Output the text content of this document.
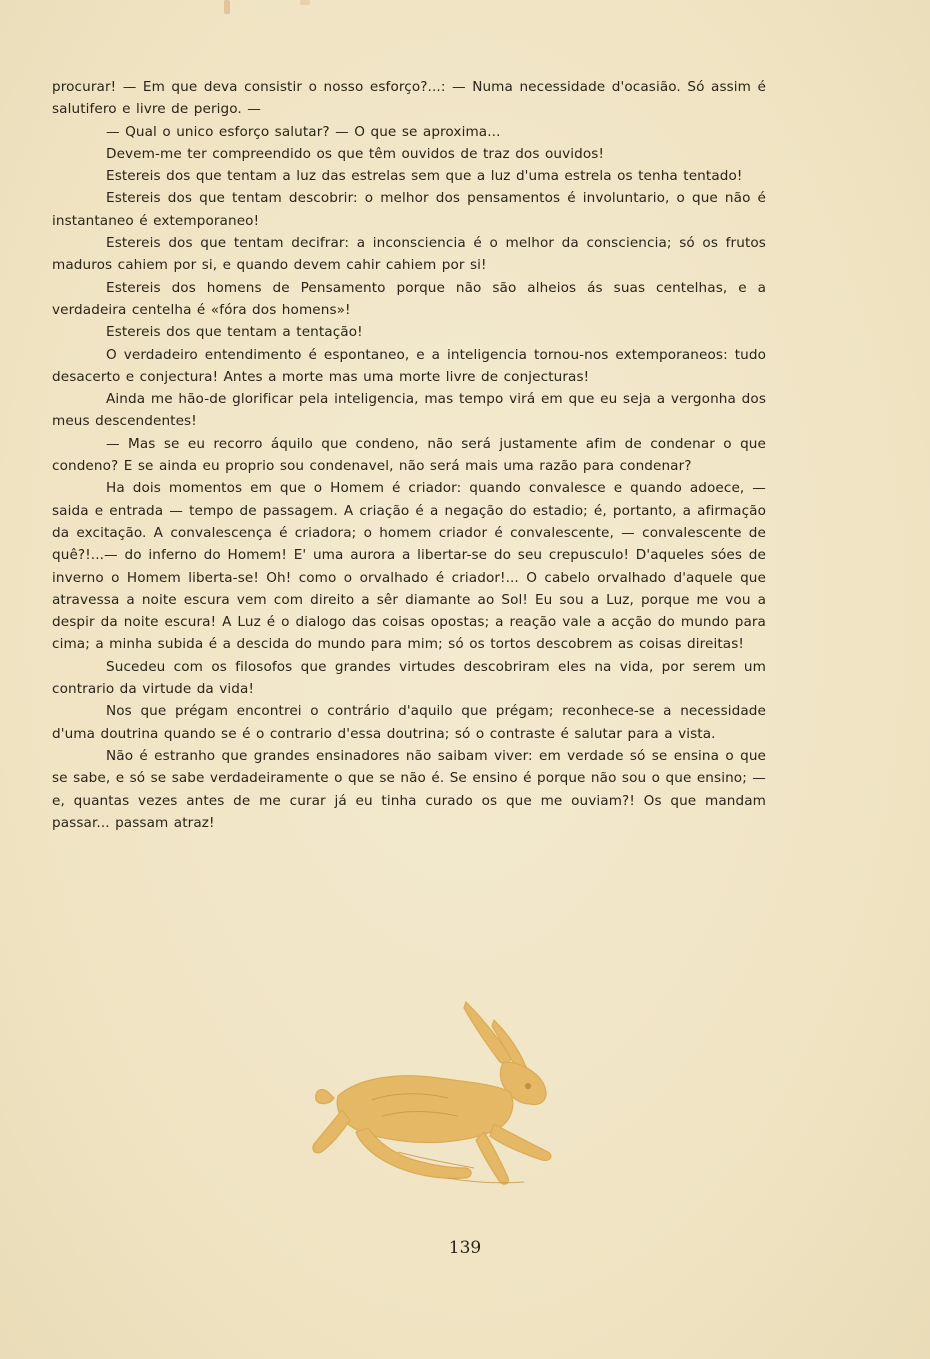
procurar! — Em que deva consistir o nosso esforço?...: — Numa necessidade d'ocasião. Só assim é salutifero e livre de perigo. —

— Qual o unico esforço salutar? — O que se aproxima...

Devem-me ter compreendido os que têm ouvidos de traz dos ouvidos!

Estereis dos que tentam a luz das estrelas sem que a luz d'uma estrela os tenha tentado!

Estereis dos que tentam descobrir: o melhor dos pensamentos é involuntario, o que não é instantaneo é extemporaneo!

Estereis dos que tentam decifrar: a inconsciencia é o melhor da consciencia; só os frutos maduros cahiem por si, e quando devem cahir cahiem por si!

Estereis dos homens de Pensamento porque não são alheios ás suas centelhas, e a verdadeira centelha é «fóra dos homens»!

Estereis dos que tentam a tentação!

O verdadeiro entendimento é espontaneo, e a inteligencia tornou-nos extemporaneos: tudo desacerto e conjectura! Antes a morte mas uma morte livre de conjecturas!

Ainda me hão-de glorificar pela inteligencia, mas tempo virá em que eu seja a vergonha dos meus descendentes!

— Mas se eu recorro áquilo que condeno, não será justamente afim de condenar o que condeno? E se ainda eu proprio sou condenavel, não será mais uma razão para condenar?

Ha dois momentos em que o Homem é criador: quando convalesce e quando adoece, — saida e entrada — tempo de passagem. A criação é a negação do estadio; é, portanto, a afirmação da excitação. A convalescença é criadora; o homem criador é convalescente, — convalescente de quê?!...— do inferno do Homem! E' uma aurora a libertar-se do seu crepusculo! D'aqueles sóes de inverno o Homem liberta-se! Oh! como o orvalhado é criador!... O cabelo orvalhado d'aquele que atravessa a noite escura vem com direito a sêr diamante ao Sol! Eu sou a Luz, porque me vou a despir da noite escura! A Luz é o dialogo das coisas opostas; a reação vale a acção do mundo para cima; a minha subida é a descida do mundo para mim; só os tortos descobrem as coisas direitas!

Sucedeu com os filosofos que grandes virtudes descobriram eles na vida, por serem um contrario da virtude da vida!

Nos que prégam encontrei o contrário d'aquilo que prégam; reconhece-se a necessidade d'uma doutrina quando se é o contrario d'essa doutrina; só o contraste é salutar para a vista.

Não é estranho que grandes ensinadores não saibam viver: em verdade só se ensina o que se sabe, e só se sabe verdadeiramente o que se não é. Se ensino é porque não sou o que ensino; — e, quantas vezes antes de me curar já eu tinha curado os que me ouviam?! Os que mandam passar... passam atraz!

139
